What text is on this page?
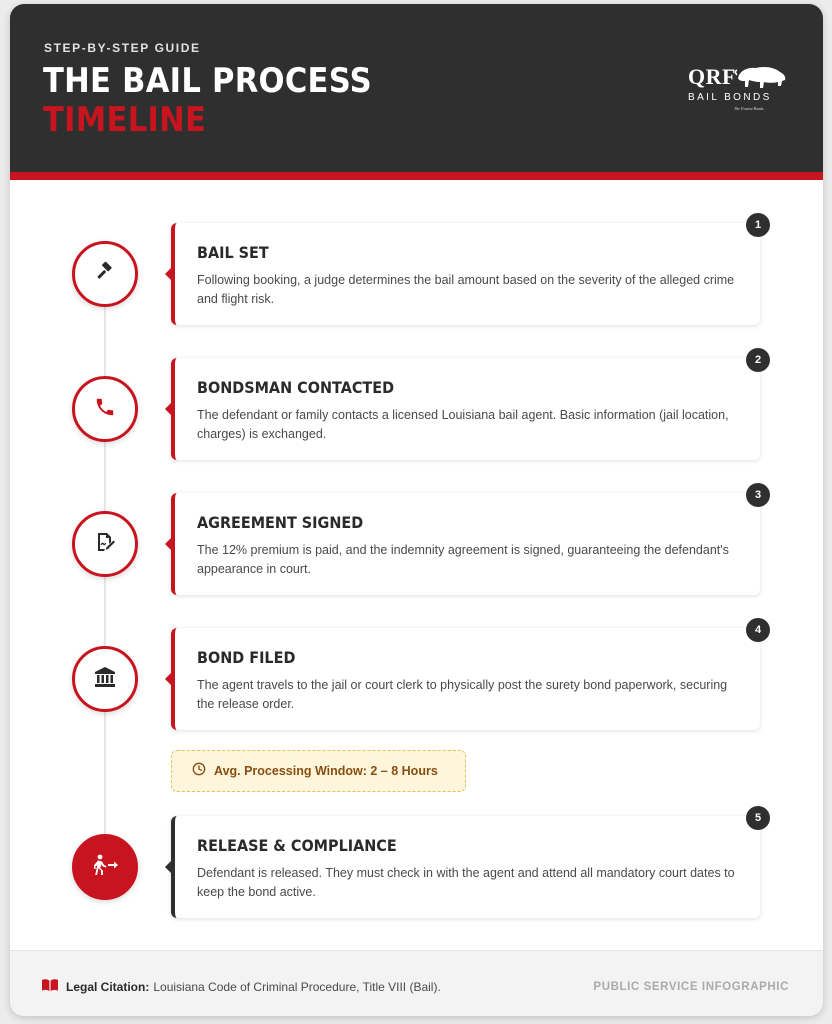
STEP-BY-STEP GUIDE
THE BAIL PROCESS
TIMELINE
QRF
BAIL BONDS
The Fastest Bonds
BAIL SET
Following booking, a judge determines the bail amount based on the severity of the alleged crime and flight risk.
1
BONDSMAN CONTACTED
The defendant or family contacts a licensed Louisiana bail agent. Basic information (jail location, charges) is exchanged.
2
AGREEMENT SIGNED
The 12% premium is paid, and the indemnity agreement is signed, guaranteeing the defendant's appearance in court.
3
BOND FILED
The agent travels to the jail or court clerk to physically post the surety bond paperwork, securing the release order.
4
Avg. Processing Window: 2 – 8 Hours
RELEASE & COMPLIANCE
Defendant is released. They must check in with the agent and attend all mandatory court dates to keep the bond active.
5
Legal Citation: Louisiana Code of Criminal Procedure, Title VIII (Bail).	PUBLIC SERVICE INFOGRAPHIC
